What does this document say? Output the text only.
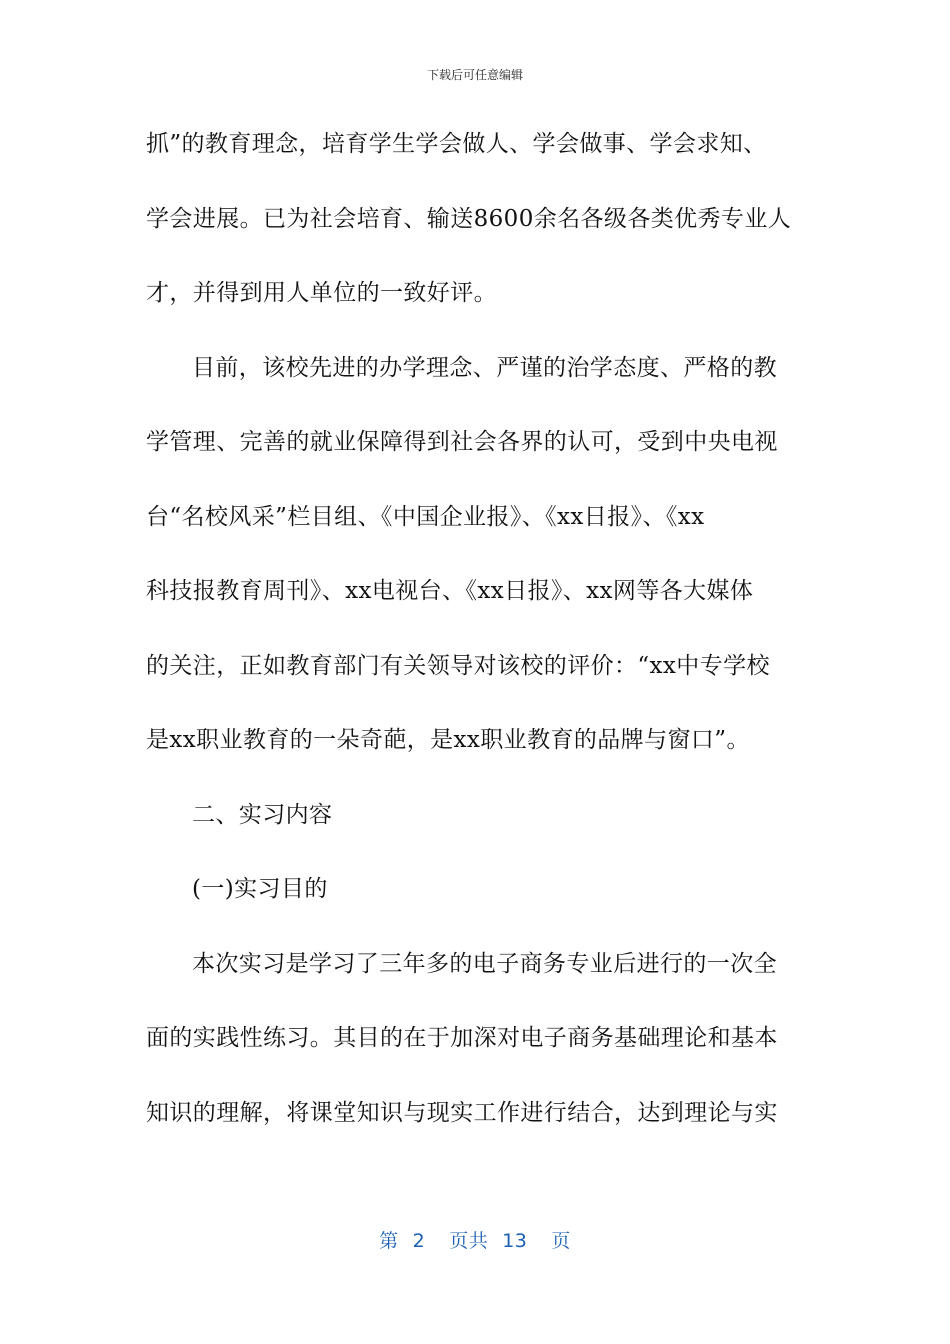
下载后可任意编辑
抓”的教育理念，培育学生学会做人、学会做事、学会求知、
学会进展。已为社会培育、输送8600余名各级各类优秀专业人
才，并得到用人单位的一致好评。
目前，该校先进的办学理念、严谨的治学态度、严格的教
学管理、完善的就业保障得到社会各界的认可，受到中央电视
台“名校风采”栏目组、《中国企业报》、《xx日报》、《xx
科技报教育周刊》、xx电视台、《xx日报》、xx网等各大媒体
的关注，正如教育部门有关领导对该校的评价：“xx中专学校
是xx职业教育的一朵奇葩，是xx职业教育的品牌与窗口”。
二、实习内容
(一)实习目的
本次实习是学习了三年多的电子商务专业后进行的一次全
面的实践性练习。其目的在于加深对电子商务基础理论和基本
知识的理解，将课堂知识与现实工作进行结合，达到理论与实
第 2 页共 13 页
